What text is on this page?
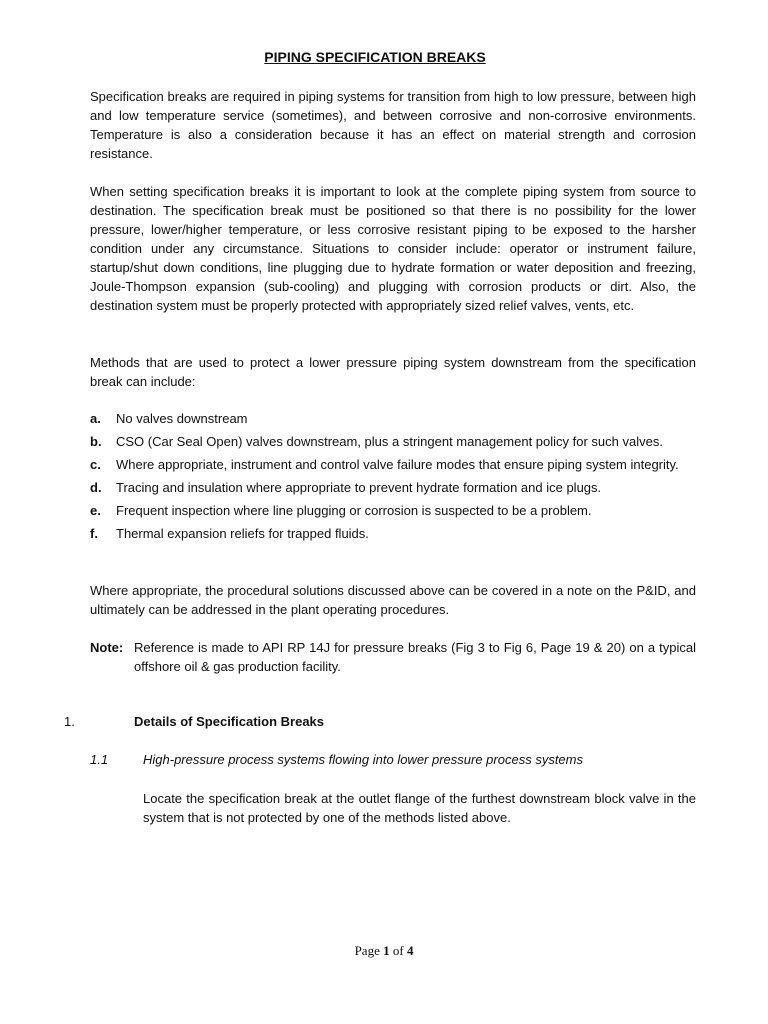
PIPING SPECIFICATION BREAKS

Specification breaks are required in piping systems for transition from high to low pressure, between high and low temperature service (sometimes), and between corrosive and non-corrosive environments. Temperature is also a consideration because it has an effect on material strength and corrosion resistance.

When setting specification breaks it is important to look at the complete piping system from source to destination. The specification break must be positioned so that there is no possibility for the lower pressure, lower/higher temperature, or less corrosive resistant piping to be exposed to the harsher condition under any circumstance. Situations to consider include: operator or instrument failure, startup/shut down conditions, line plugging due to hydrate formation or water deposition and freezing, Joule-Thompson expansion (sub-cooling) and plugging with corrosion products or dirt. Also, the destination system must be properly protected with appropriately sized relief valves, vents, etc.

Methods that are used to protect a lower pressure piping system downstream from the specification break can include:

a. No valves downstream
b. CSO (Car Seal Open) valves downstream, plus a stringent management policy for such valves.
c. Where appropriate, instrument and control valve failure modes that ensure piping system integrity.
d. Tracing and insulation where appropriate to prevent hydrate formation and ice plugs.
e. Frequent inspection where line plugging or corrosion is suspected to be a problem.
f. Thermal expansion reliefs for trapped fluids.

Where appropriate, the procedural solutions discussed above can be covered in a note on the P&ID, and ultimately can be addressed in the plant operating procedures.

Note: Reference is made to API RP 14J for pressure breaks (Fig 3 to Fig 6, Page 19 & 20) on a typical offshore oil & gas production facility.
1.	Details of Specification Breaks
1.1	High-pressure process systems flowing into lower pressure process systems
Locate the specification break at the outlet flange of the furthest downstream block valve in the system that is not protected by one of the methods listed above.
Page 1 of 4
